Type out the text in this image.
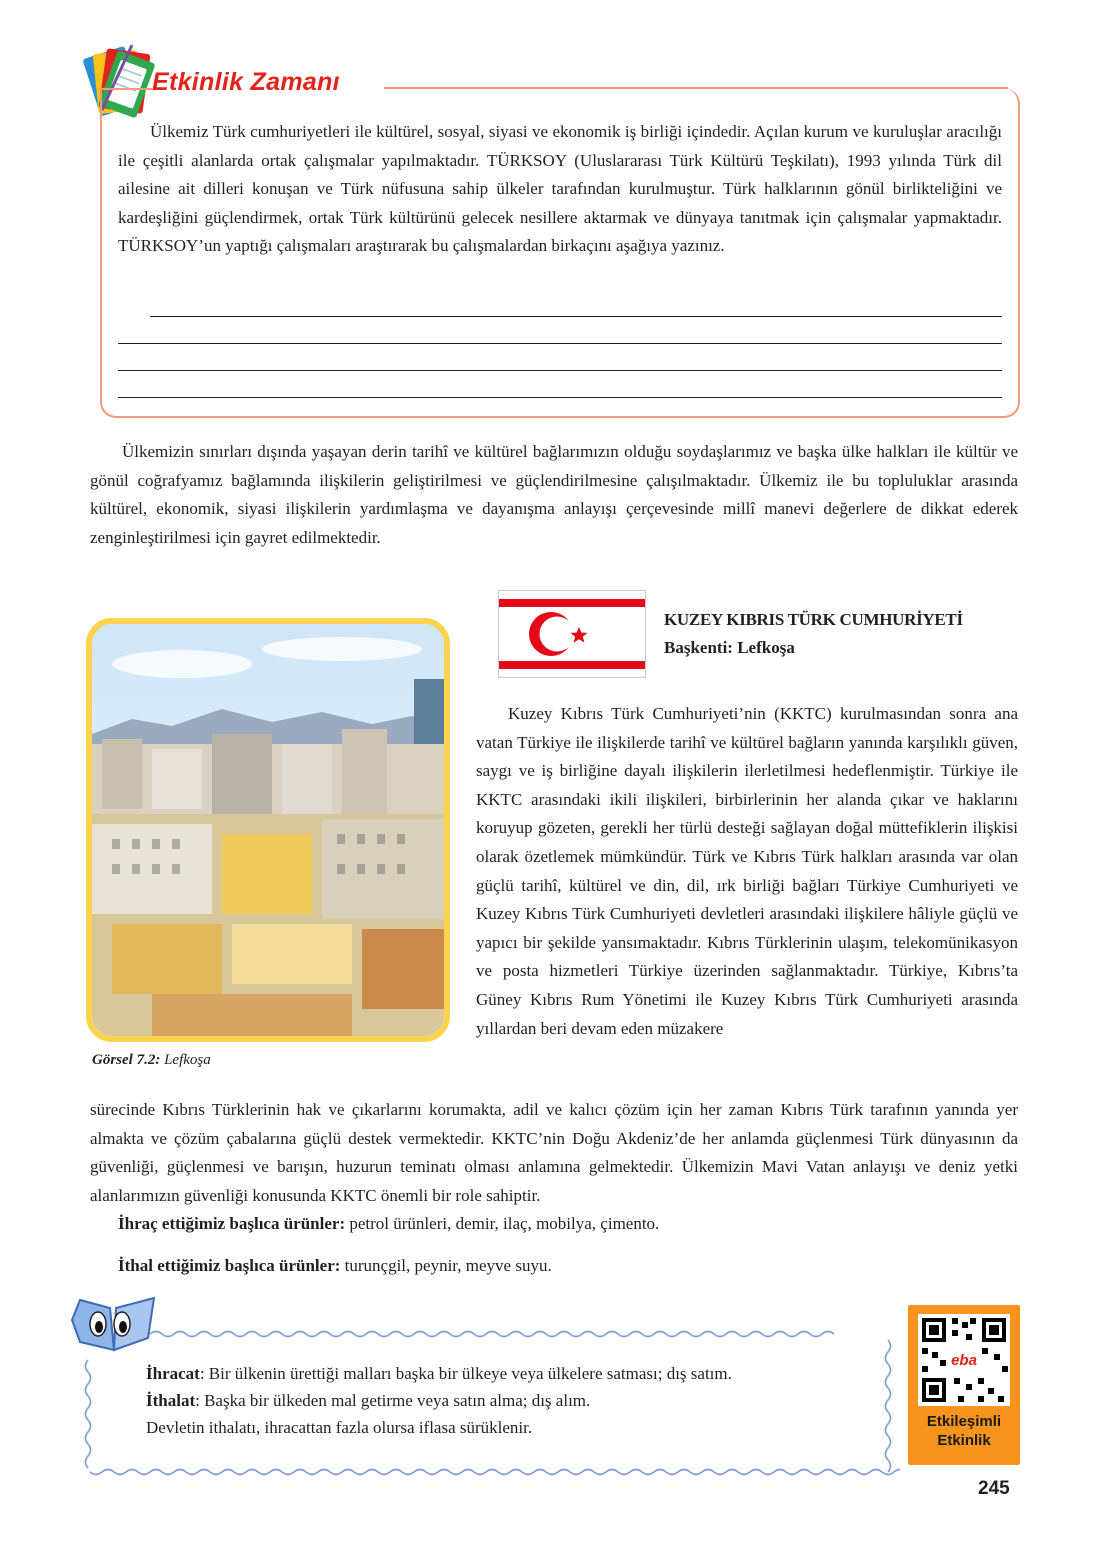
Etkinlik Zamanı

Ülkemiz Türk cumhuriyetleri ile kültürel, sosyal, siyasi ve ekonomik iş birliği içindedir. Açılan kurum ve kuruluşlar aracılığı ile çeşitli alanlarda ortak çalışmalar yapılmaktadır. TÜRKSOY (Uluslararası Türk Kültürü Teşkilatı), 1993 yılında Türk dil ailesine ait dilleri konuşan ve Türk nüfusuna sahip ülkeler tarafından kurulmuştur. Türk halklarının gönül birlikteliğini ve kardeşliğini güçlendirmek, ortak Türk kültürünü gelecek nesillere aktarmak ve dünyaya tanıtmak için çalışmalar yapmaktadır. TÜRKSOY’un yaptığı çalışmaları araştırarak bu çalışmalardan birkaçını aşağıya yazınız.

Ülkemizin sınırları dışında yaşayan derin tarihî ve kültürel bağlarımızın olduğu soydaşlarımız ve başka ülke halkları ile kültür ve gönül coğrafyamız bağlamında ilişkilerin geliştirilmesi ve güçlendirilmesine çalışılmaktadır. Ülkemiz ile bu topluluklar arasında kültürel, ekonomik, siyasi ilişkilerin yardımlaşma ve dayanışma anlayışı çerçevesinde millî manevi değerlere de dikkat ederek zenginleştirilmesi için gayret edilmektedir.

Görsel 7.2: Lefkoşa
KUZEY KIBRIS TÜRK CUMHURİYETİ
Başkenti: Lefkoşa

Kuzey Kıbrıs Türk Cumhuriyeti’nin (KKTC) kurulmasından sonra ana vatan Türkiye ile ilişkilerde tarihî ve kültürel bağların yanında karşılıklı güven, saygı ve iş birliğine dayalı ilişkilerin ilerletilmesi hedeflenmiştir. Türkiye ile KKTC arasındaki ikili ilişkileri, birbirlerinin her alanda çıkar ve haklarını koruyup gözeten, gerekli her türlü desteği sağlayan doğal müttefiklerin ilişkisi olarak özetlemek mümkündür. Türk ve Kıbrıs Türk halkları arasında var olan güçlü tarihî, kültürel ve din, dil, ırk birliği bağları Türkiye Cumhuriyeti ve Kuzey Kıbrıs Türk Cumhuriyeti devletleri arasındaki ilişkilere hâliyle güçlü ve yapıcı bir şekilde yansımaktadır. Kıbrıs Türklerinin ulaşım, telekomünikasyon ve posta hizmetleri Türkiye üzerinden sağlanmaktadır. Türkiye, Kıbrıs’ta Güney Kıbrıs Rum Yönetimi ile Kuzey Kıbrıs Türk Cumhuriyeti arasında yıllardan beri devam eden müzakere

sürecinde Kıbrıs Türklerinin hak ve çıkarlarını korumakta, adil ve kalıcı çözüm için her zaman Kıbrıs Türk tarafının yanında yer almakta ve çözüm çabalarına güçlü destek vermektedir. KKTC’nin Doğu Akdeniz’de her anlamda güçlenmesi Türk dünyasının da güvenliği, güçlenmesi ve barışın, huzurun teminatı olması anlamına gelmektedir. Ülkemizin Mavi Vatan anlayışı ve deniz yetki alanlarımızın güvenliği konusunda KKTC önemli bir role sahiptir.

İhraç ettiğimiz başlıca ürünler: petrol ürünleri, demir, ilaç, mobilya, çimento.
İthal ettiğimiz başlıca ürünler: turunçgil, peynir, meyve suyu.
İhracat: Bir ülkenin ürettiği malları başka bir ülkeye veya ülkelere satması; dış satım.
İthalat: Başka bir ülkeden mal getirme veya satın alma; dış alım.
Devletin ithalatı, ihracattan fazla olursa iflasa sürüklenir.
eba
Etkileşimli
Etkinlik
245
